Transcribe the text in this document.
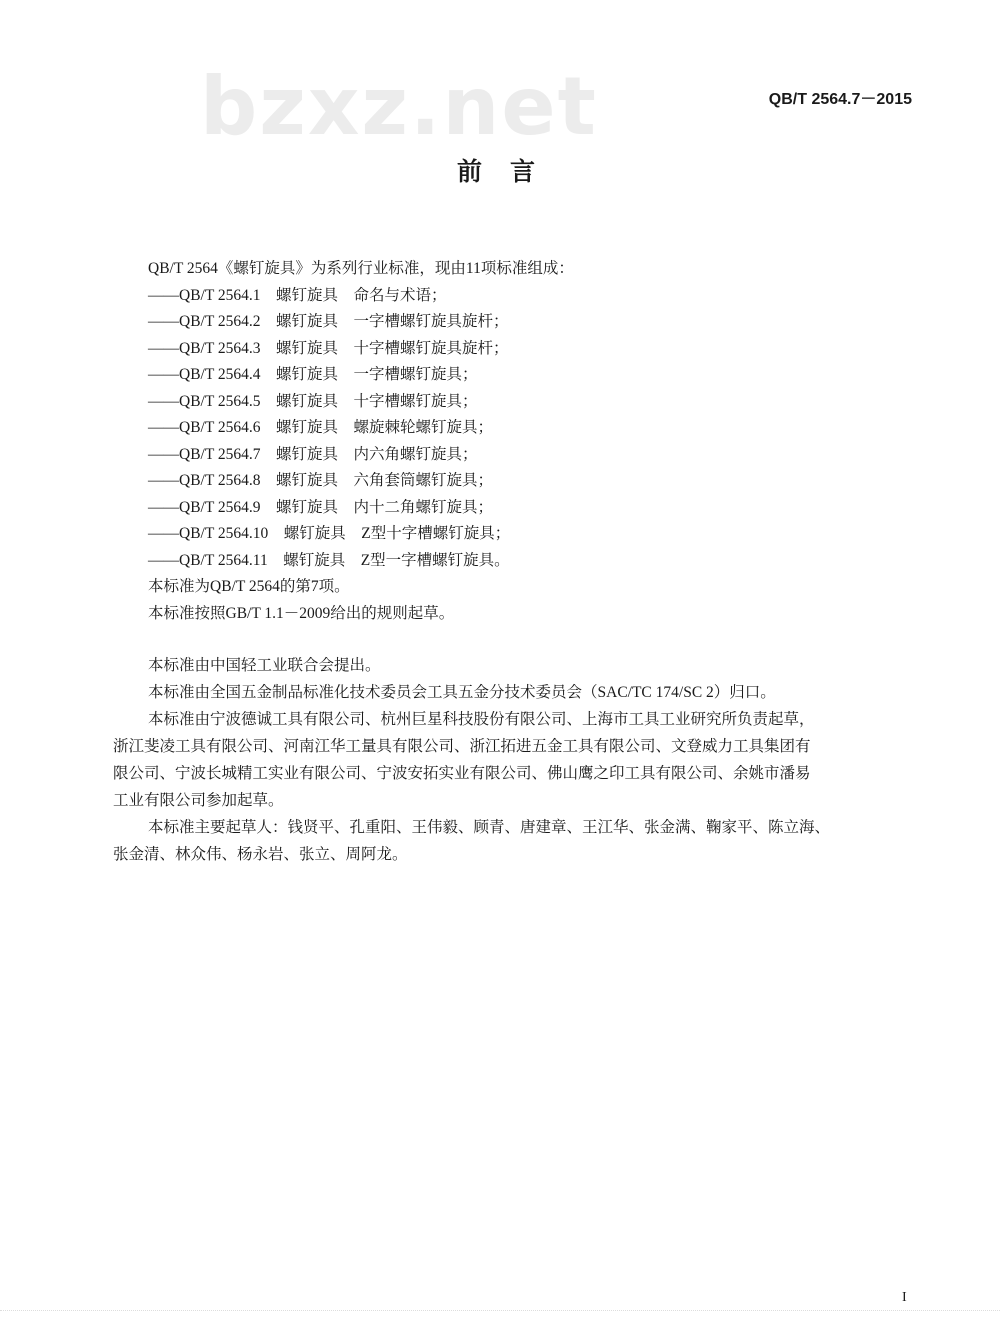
QB/T 2564.7－2015
bzxz.net
前言
QB/T 2564《螺钉旋具》为系列行业标准，现由11项标准组成：
——QB/T 2564.1　螺钉旋具　命名与术语；
——QB/T 2564.2　螺钉旋具　一字槽螺钉旋具旋杆；
——QB/T 2564.3　螺钉旋具　十字槽螺钉旋具旋杆；
——QB/T 2564.4　螺钉旋具　一字槽螺钉旋具；
——QB/T 2564.5　螺钉旋具　十字槽螺钉旋具；
——QB/T 2564.6　螺钉旋具　螺旋棘轮螺钉旋具；
——QB/T 2564.7　螺钉旋具　内六角螺钉旋具；
——QB/T 2564.8　螺钉旋具　六角套筒螺钉旋具；
——QB/T 2564.9　螺钉旋具　内十二角螺钉旋具；
——QB/T 2564.10　螺钉旋具　Z型十字槽螺钉旋具；
——QB/T 2564.11　螺钉旋具　Z型一字槽螺钉旋具。
本标准为QB/T 2564的第7项。
本标准按照GB/T 1.1－2009给出的规则起草。
本标准由中国轻工业联合会提出。
本标准由全国五金制品标准化技术委员会工具五金分技术委员会（SAC/TC 174/SC 2）归口。
本标准由宁波德诚工具有限公司、杭州巨星科技股份有限公司、上海市工具工业研究所负责起草，
浙江斐凌工具有限公司、河南江华工量具有限公司、浙江拓进五金工具有限公司、文登威力工具集团有
限公司、宁波长城精工实业有限公司、宁波安拓实业有限公司、佛山鹰之印工具有限公司、余姚市潘易
工业有限公司参加起草。
本标准主要起草人：钱贤平、孔重阳、王伟毅、顾青、唐建章、王江华、张金满、鞠家平、陈立海、
张金清、林众伟、杨永岩、张立、周阿龙。
I
